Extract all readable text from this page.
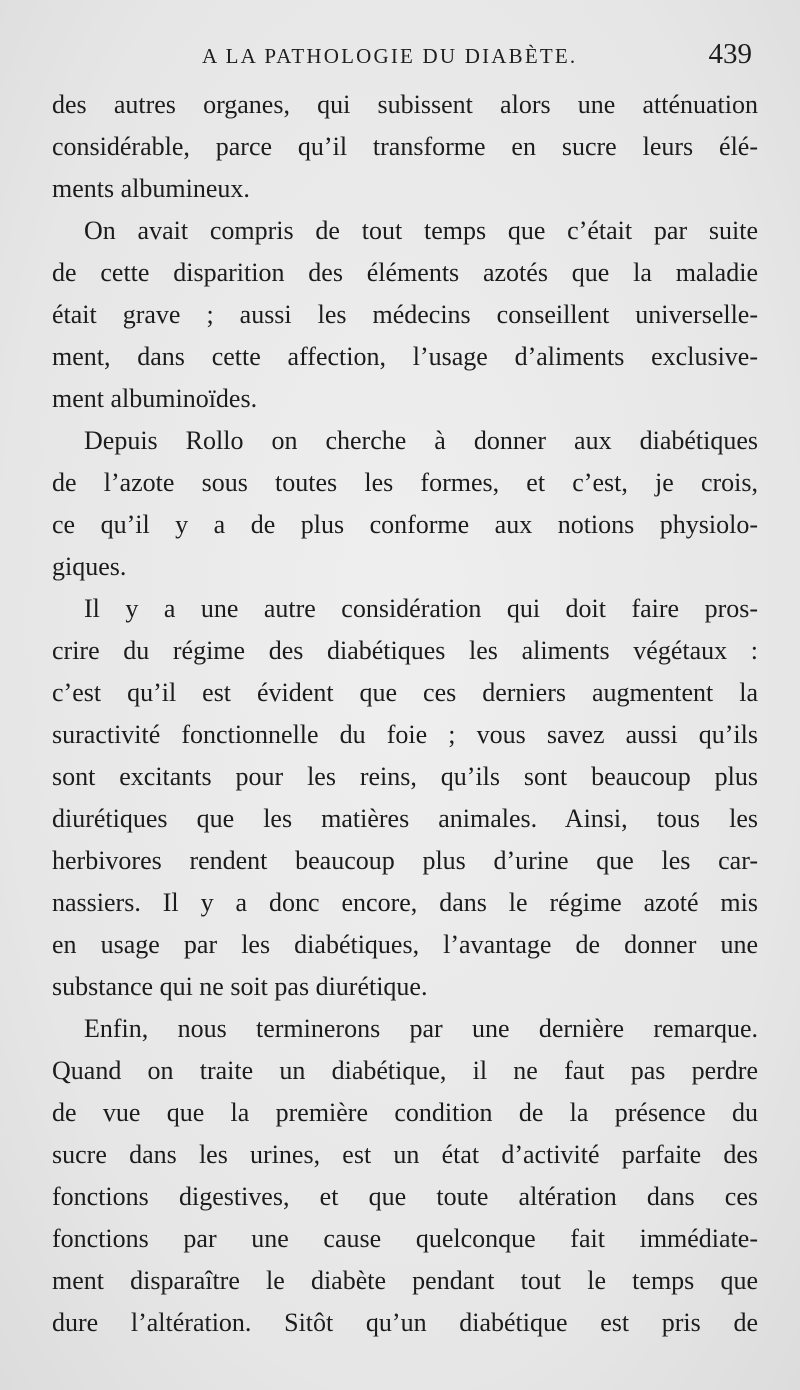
A LA PATHOLOGIE DU DIABÈTE.	439
des autres organes, qui subissent alors une atténuation
considérable, parce qu’il transforme en sucre leurs élé-
ments albumineux.
On avait compris de tout temps que c’était par suite
de cette disparition des éléments azotés que la maladie
était grave ; aussi les médecins conseillent universelle-
ment, dans cette affection, l’usage d’aliments exclusive-
ment albuminoïdes.
Depuis Rollo on cherche à donner aux diabétiques
de l’azote sous toutes les formes, et c’est, je crois,
ce qu’il y a de plus conforme aux notions physiolo-
giques.
Il y a une autre considération qui doit faire pros-
crire du régime des diabétiques les aliments végétaux :
c’est qu’il est évident que ces derniers augmentent la
suractivité fonctionnelle du foie ; vous savez aussi qu’ils
sont excitants pour les reins, qu’ils sont beaucoup plus
diurétiques que les matières animales. Ainsi, tous les
herbivores rendent beaucoup plus d’urine que les car-
nassiers. Il y a donc encore, dans le régime azoté mis
en usage par les diabétiques, l’avantage de donner une
substance qui ne soit pas diurétique.
Enfin, nous terminerons par une dernière remarque.
Quand on traite un diabétique, il ne faut pas perdre
de vue que la première condition de la présence du
sucre dans les urines, est un état d’activité parfaite des
fonctions digestives, et que toute altération dans ces
fonctions par une cause quelconque fait immédiate-
ment disparaître le diabète pendant tout le temps que
dure l’altération. Sitôt qu’un diabétique est pris de
